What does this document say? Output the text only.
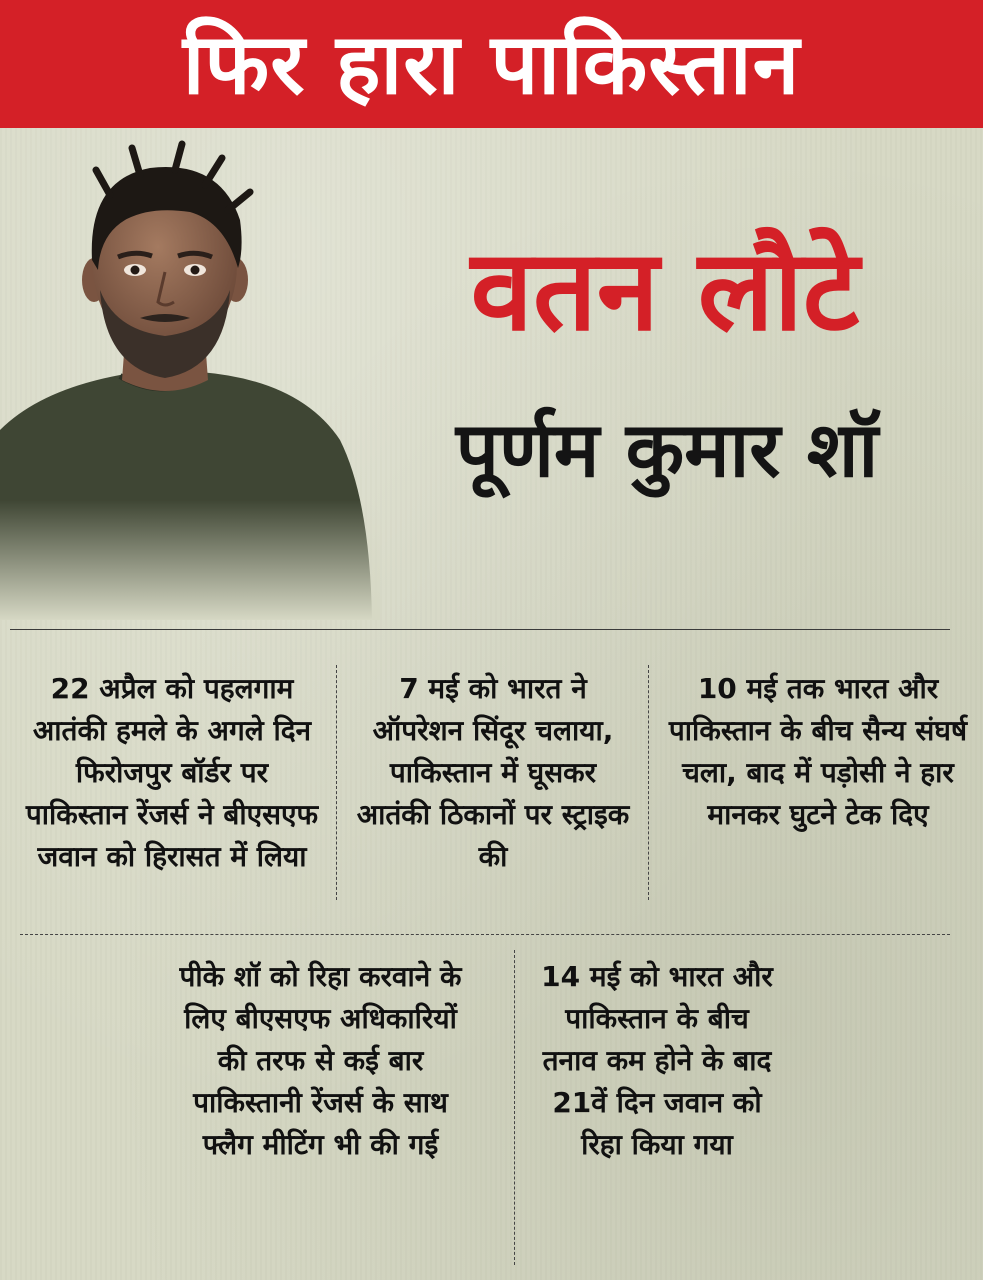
फिर हारा पाकिस्तान
वतन लौटे
पूर्णम कुमार शॉ
22 अप्रैल को पहलगाम आतंकी हमले के अगले दिन फिरोजपुर बॉर्डर पर पाकिस्तान रेंजर्स ने बीएसएफ जवान को हिरासत में लिया
7 मई को भारत ने ऑपरेशन सिंदूर चलाया, पाकिस्तान में घूसकर आतंकी ठिकानों पर स्ट्राइक की
10 मई तक भारत और पाकिस्तान के बीच सैन्य संघर्ष चला, बाद में पड़ोसी ने हार मानकर घुटने टेक दिए
पीके शॉ को रिहा करवाने के लिए बीएसएफ अधिकारियों की तरफ से कई बार पाकिस्तानी रेंजर्स के साथ फ्लैग मीटिंग भी की गई
14 मई को भारत और पाकिस्तान के बीच तनाव कम होने के बाद 21वें दिन जवान को रिहा किया गया
